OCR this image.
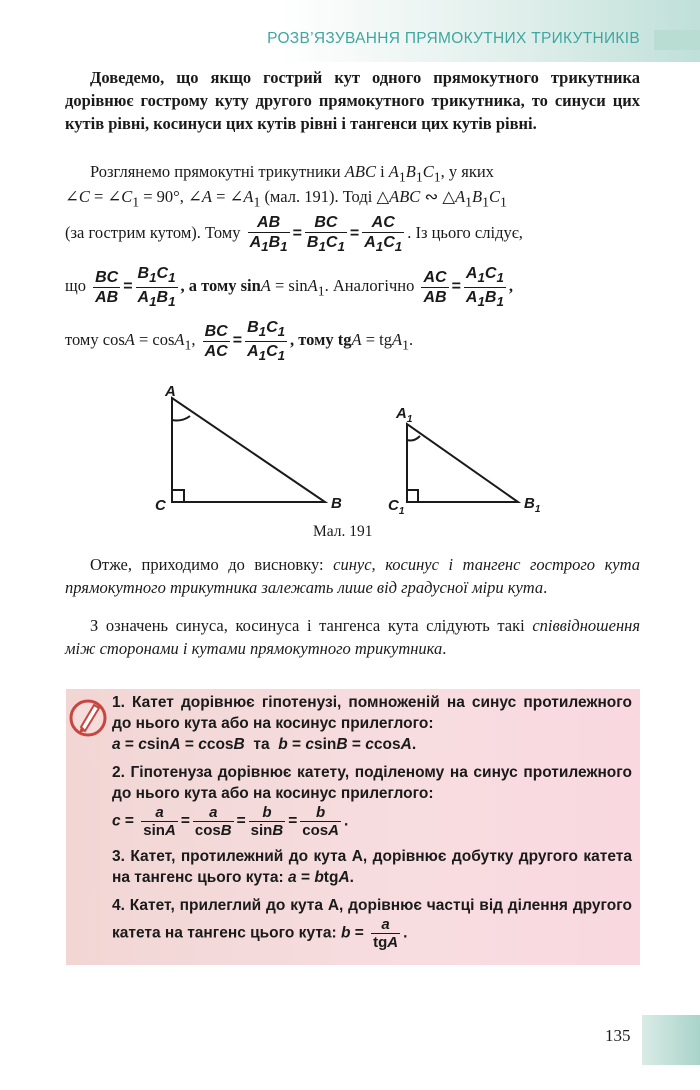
РОЗВ’ЯЗУВАННЯ ПРЯМОКУТНИХ ТРИКУТНИКІВ
Доведемо, що якщо гострий кут одного прямокутного трикутника дорівнює гострому куту другого прямокутного трикутника, то синуси цих кутів рівні, косинуси цих кутів рівні і тангенси цих кутів рівні.
Розглянемо прямокутні трикутники ABC і $A_1B_1C_1$, у яких
∠C = $\angle C_1 = 90^\circ$, ∠A = $\angle A_1$ (мал. 191). Тоді △ABC ∾ $\triangle A_1B_1C_1$
(за гострим кутом). Тому $\frac{AB}{A_1B_1} = \frac{BC}{B_1C_1} = \frac{AC}{A_1C_1}$ . Із цього слідує,
що $\frac{BC}{AB} = \frac{B_1C_1}{A_1B_1}$ , а тому sinA = sinA$_1$. Аналогічно $\frac{AC}{AB} = \frac{A_1C_1}{A_1B_1}$ ,
тому cosA = cosA$_1$, $\frac{BC}{AC} = \frac{B_1C_1}{A_1C_1}$ , тому tgA = tgA$_1$.
A
C	B
$A_1$
$C_1$	$B_1$
Мал. 191
Отже, приходимо до висновку: синус, косинус і тангенс гострого кута прямокутного трикутника залежать лише від градусної міри кута.
З означень синуса, косинуса і тангенса кута слідують такі співвідношення між сторонами і кутами прямокутного трикутника.

1. Катет дорівнює гіпотенузі, помноженій на синус протилежного до нього кута або на косинус прилеглого:
a = csinA = ccosB та b = csinB = ccosA.

2. Гіпотенуза дорівнює катету, поділеному на синус протилежного до нього кута або на косинус прилеглого:
$c = \frac{a}{\sin A} = \frac{a}{\cos B} = \frac{b}{\sin B} = \frac{b}{\cos A}$ .

3. Катет, протилежний до кута A, дорівнює добутку другого катета на тангенс цього кута: a = btgA.

4. Катет, прилеглий до кута A, дорівнює частці від ділення другого катета на тангенс цього кута: $b = \frac{a}{\text{tgA}}$ .

135
